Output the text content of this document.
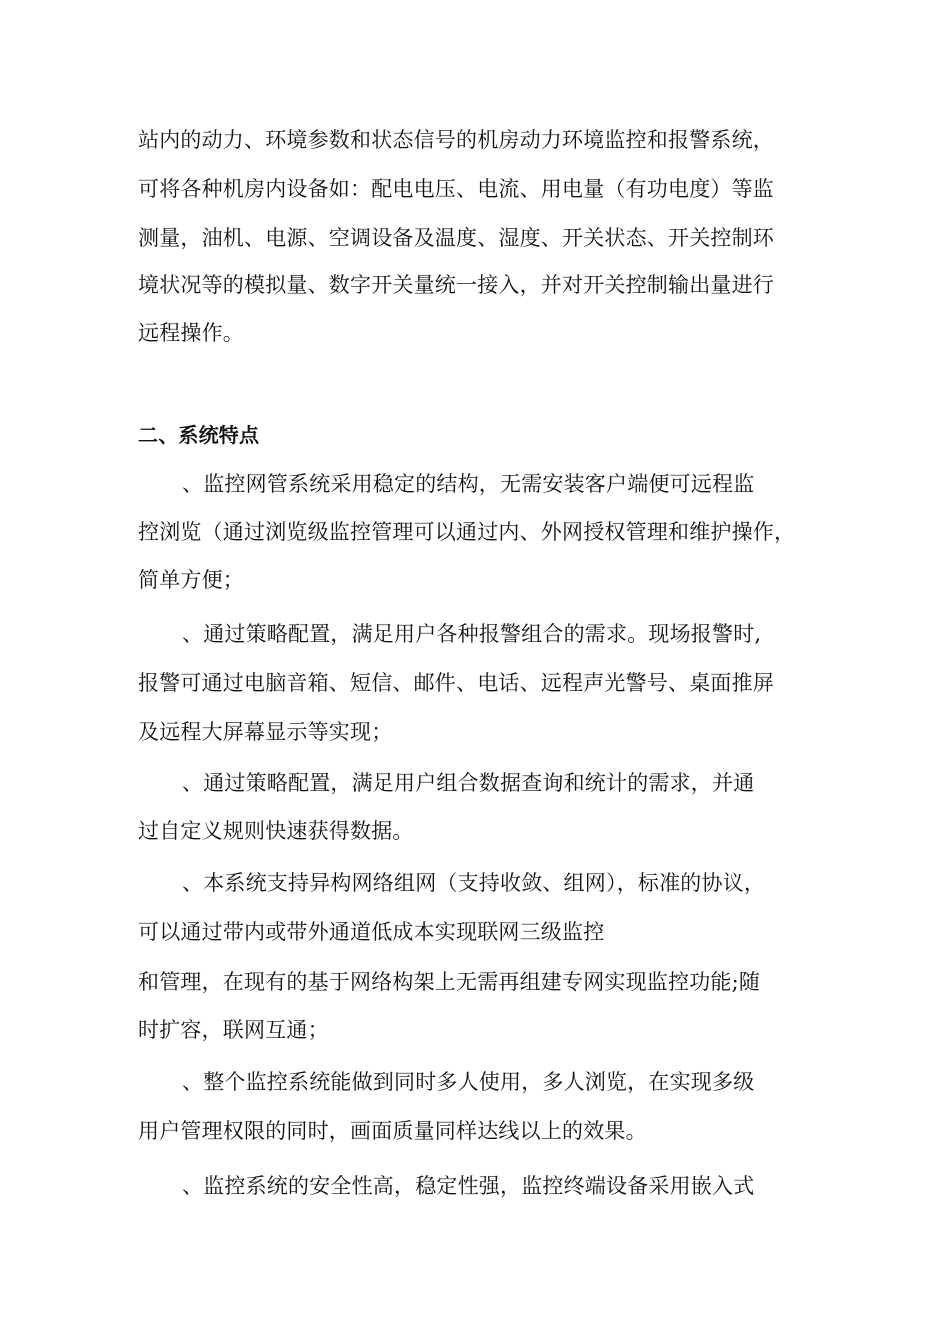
站内的动力、环境参数和状态信号的机房动力环境监控和报警系统，
可将各种机房内设备如：配电电压、电流、用电量（有功电度）等监
测量，油机、电源、空调设备及温度、湿度、开关状态、开关控制环
境状况等的模拟量、数字开关量统一接入，并对开关控制输出量进行
远程操作。
二、系统特点
、监控网管系统采用稳定的结构，无需安装客户端便可远程监
控浏览（通过浏览级监控管理可以通过内、外网授权管理和维护操作，
简单方便；
、通过策略配置，满足用户各种报警组合的需求。现场报警时,
报警可通过电脑音箱、短信、邮件、电话、远程声光警号、桌面推屏
及远程大屏幕显示等实现；
、通过策略配置，满足用户组合数据查询和统计的需求，并通
过自定义规则快速获得数据。
、本系统支持异构网络组网（支持收敛、组网），标准的协议，
可以通过带内或带外通道低成本实现联网三级监控
和管理，在现有的基于网络构架上无需再组建专网实现监控功能;随
时扩容，联网互通；
、整个监控系统能做到同时多人使用，多人浏览，在实现多级
用户管理权限的同时，画面质量同样达线以上的效果。
、监控系统的安全性高，稳定性强，监控终端设备采用嵌入式
